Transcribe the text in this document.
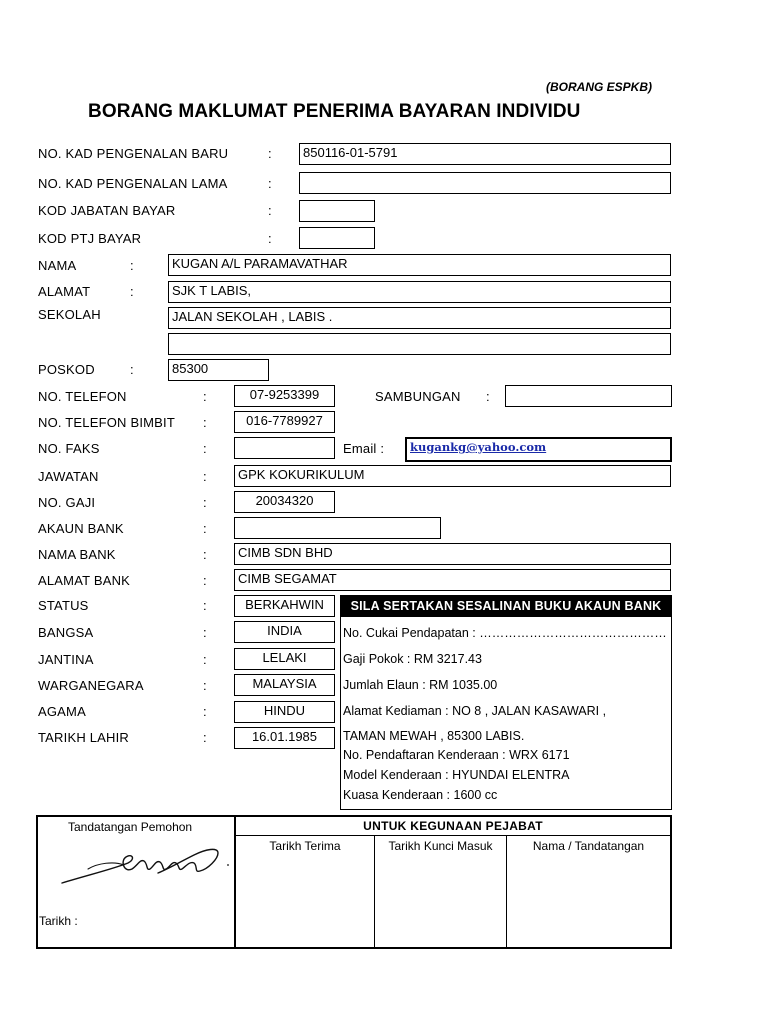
(BORANG ESPKB)
BORANG MAKLUMAT PENERIMA BAYARAN INDIVIDU
NO. KAD PENGENALAN BARU	:	850116-01-5791
NO. KAD PENGENALAN LAMA	:
KOD JABATAN BAYAR	:
KOD PTJ BAYAR	:
NAMA	:	KUGAN A/L PARAMAVATHAR
ALAMAT	:	SJK T LABIS,
SEKOLAH	JALAN SEKOLAH , LABIS .
POSKOD	:	85300
NO. TELEFON	:	07-9253399	SAMBUNGAN :
NO. TELEFON BIMBIT :	016-7789927
NO. FAKS	:	Email :	kugankg@yahoo.com
JAWATAN	:	GPK KOKURIKULUM
NO. GAJI	:	20034320
AKAUN BANK	:
NAMA BANK	:	CIMB SDN BHD
ALAMAT BANK	:	CIMB SEGAMAT
STATUS	:	BERKAHWIN
BANGSA	:	INDIA
JANTINA	:	LELAKI
WARGANEGARA	:	MALAYSIA
AGAMA	:	HINDU
TARIKH LAHIR	:	16.01.1985
SILA SERTAKAN SESALINAN BUKU AKAUN BANK
No. Cukai Pendapatan : ………………………………………
Gaji Pokok : RM 3217.43
Jumlah Elaun : RM 1035.00
Alamat Kediaman : NO 8 , JALAN KASAWARI ,
TAMAN MEWAH , 85300 LABIS.
No. Pendaftaran Kenderaan : WRX 6171
Model Kenderaan : HYUNDAI ELENTRA
Kuasa Kenderaan : 1600 cc
Tandatangan Pemohon
Tarikh :
UNTUK KEGUNAAN PEJABAT
Tarikh Terima	Tarikh Kunci Masuk	Nama / Tandatangan
